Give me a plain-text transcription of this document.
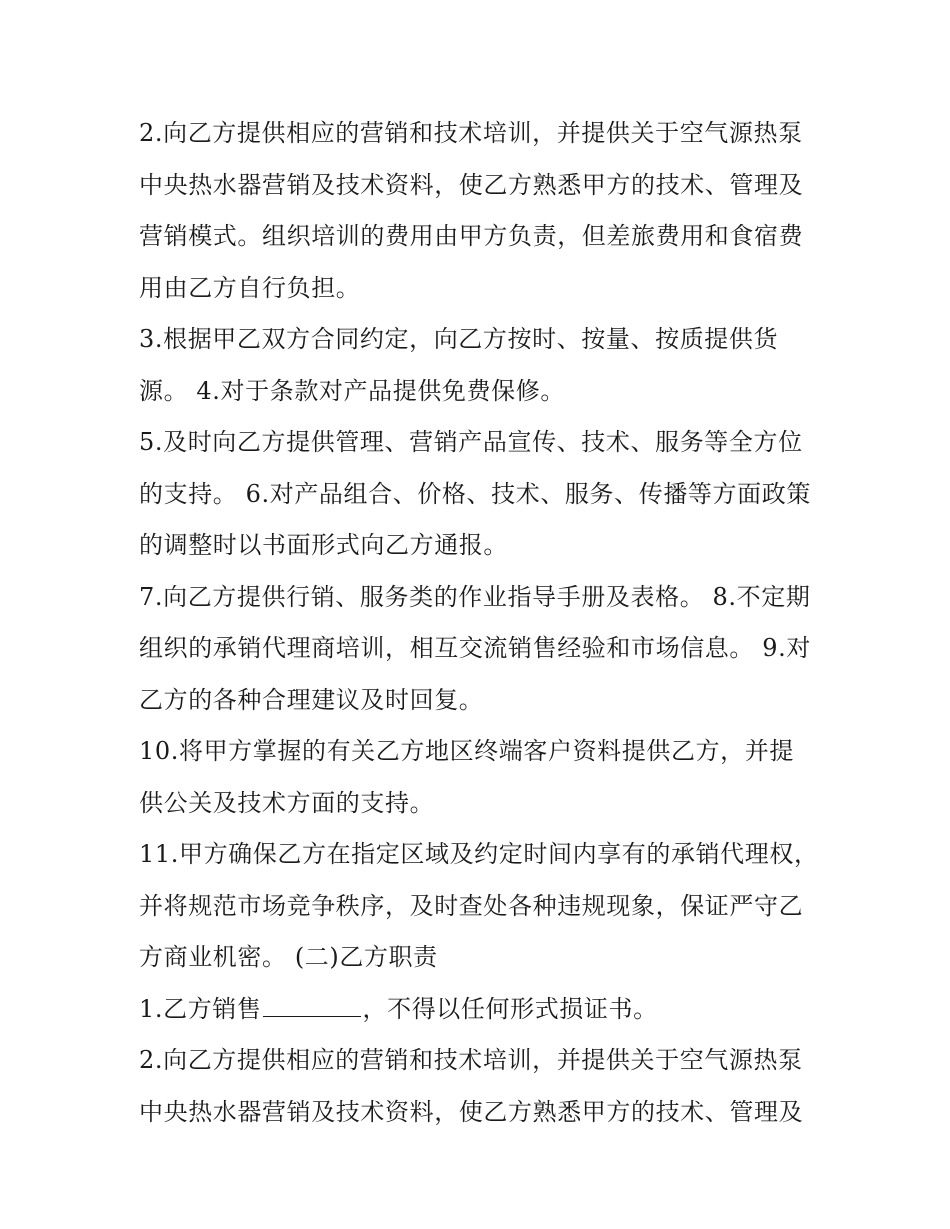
2.向乙方提供相应的营销和技术培训，并提供关于空气源热泵
中央热水器营销及技术资料，使乙方熟悉甲方的技术、管理及
营销模式。组织培训的费用由甲方负责，但差旅费用和食宿费
用由乙方自行负担。
3.根据甲乙双方合同约定，向乙方按时、按量、按质提供货
源。 4.对于条款对产品提供免费保修。
5.及时向乙方提供管理、营销产品宣传、技术、服务等全方位
的支持。 6.对产品组合、价格、技术、服务、传播等方面政策
的调整时以书面形式向乙方通报。
7.向乙方提供行销、服务类的作业指导手册及表格。 8.不定期
组织的承销代理商培训，相互交流销售经验和市场信息。 9.对
乙方的各种合理建议及时回复。
10.将甲方掌握的有关乙方地区终端客户资料提供乙方，并提
供公关及技术方面的支持。
11.甲方确保乙方在指定区域及约定时间内享有的承销代理权，
并将规范市场竞争秩序，及时查处各种违规现象，保证严守乙
方商业机密。 (二)乙方职责
1.乙方销售	，不得以任何形式损证书。
2.向乙方提供相应的营销和技术培训，并提供关于空气源热泵
中央热水器营销及技术资料，使乙方熟悉甲方的技术、管理及
